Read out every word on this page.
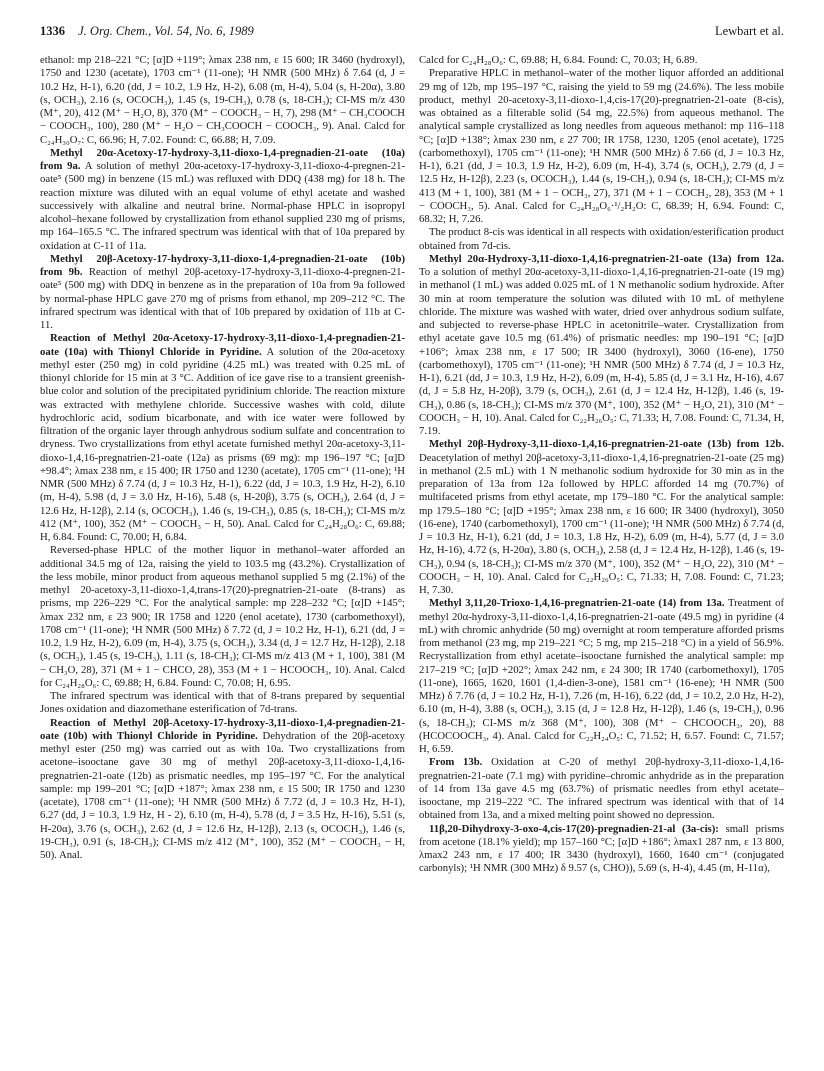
1336 J. Org. Chem., Vol. 54, No. 6, 1989	Lewbart et al.

ethanol: mp 218–221 °C; [α]D +119°; λmax 238 nm, ε 15 600; IR 3460 (hydroxyl), 1750 and 1230 (acetate), 1703 cm⁻¹ (11-one); ¹H NMR (500 MHz) δ 7.64 (d, J = 10.2 Hz, H-1), 6.20 (dd, J = 10.2, 1.9 Hz, H-2), 6.08 (m, H-4), 5.04 (s, H-20α), 3.80 (s, OCH₃), 2.16 (s, OCOCH₃), 1.45 (s, 19-CH₃), 0.78 (s, 18-CH₃); CI-MS m/z 430 (M⁺, 20), 412 (M⁺ − H₂O, 8), 370 (M⁺ − COOCH₃ − H, 7), 298 (M⁺ − CH₃COOCH − COOCH₃, 100), 280 (M⁺ − H₂O − CH₃COOCH − COOCH₃, 9). Anal. Calcd for C₂₄H₃₀O₇: C, 66.96; H, 7.02. Found: C, 66.88; H, 7.09.

Methyl 20α-Acetoxy-17-hydroxy-3,11-dioxo-1,4-pregnadien-21-oate (10a) from 9a. A solution of methyl 20α-acetoxy-17-hydroxy-3,11-dioxo-4-pregnen-21-oate⁵ (500 mg) in benzene (15 mL) was refluxed with DDQ (438 mg) for 18 h. The reaction mixture was diluted with an equal volume of ethyl acetate and washed successively with alkaline and neutral brine. Normal-phase HPLC in isopropyl alcohol–hexane followed by crystallization from ethanol supplied 230 mg of prisms, mp 164–165.5 °C. The infrared spectrum was identical with that of 10a prepared by oxidation at C-11 of 11a.

Methyl 20β-Acetoxy-17-hydroxy-3,11-dioxo-1,4-pregnadien-21-oate (10b) from 9b. Reaction of methyl 20β-acetoxy-17-hydroxy-3,11-dioxo-4-pregnen-21-oate⁵ (500 mg) with DDQ in benzene as in the preparation of 10a from 9a followed by normal-phase HPLC gave 270 mg of prisms from ethanol, mp 209–212 °C. The infrared spectrum was identical with that of 10b prepared by oxidation of 11b at C-11.

Reaction of Methyl 20α-Acetoxy-17-hydroxy-3,11-dioxo-1,4-pregnadien-21-oate (10a) with Thionyl Chloride in Pyridine. A solution of the 20α-acetoxy methyl ester (250 mg) in cold pyridine (4.25 mL) was treated with 0.25 mL of thionyl chloride for 15 min at 3 °C. Addition of ice gave rise to a transient greenish-blue color and solution of the precipitated pyridinium chloride. The reaction mixture was extracted with methylene chloride. Successive washes with cold, dilute hydrochloric acid, sodium bicarbonate, and with ice water were followed by filtration of the organic layer through anhydrous sodium sulfate and concentration to dryness. Two crystallizations from ethyl acetate furnished methyl 20α-acetoxy-3,11-dioxo-1,4,16-pregnatrien-21-oate (12a) as prisms (69 mg): mp 196–197 °C; [α]D +98.4°; λmax 238 nm, ε 15 400; IR 1750 and 1230 (acetate), 1705 cm⁻¹ (11-one); ¹H NMR (500 MHz) δ 7.74 (d, J = 10.3 Hz, H-1), 6.22 (dd, J = 10.3, 1.9 Hz, H-2), 6.10 (m, H-4), 5.98 (d, J = 3.0 Hz, H-16), 5.48 (s, H-20β), 3.75 (s, OCH₃), 2.64 (d, J = 12.6 Hz, H-12β), 2.14 (s, OCOCH₃), 1.46 (s, 19-CH₃), 0.85 (s, 18-CH₃); CI-MS m/z 412 (M⁺, 100), 352 (M⁺ − COOCH₃ − H, 50). Anal. Calcd for C₂₄H₂₈O₆: C, 69.88; H, 6.84. Found: C, 70.00; H, 6.84.

Reversed-phase HPLC of the mother liquor in methanol–water afforded an additional 34.5 mg of 12a, raising the yield to 103.5 mg (43.2%). Crystallization of the less mobile, minor product from aqueous methanol supplied 5 mg (2.1%) of the methyl 20-acetoxy-3,11-dioxo-1,4,trans-17(20)-pregnatrien-21-oate (8-trans) as prisms, mp 226–229 °C. For the analytical sample: mp 228–232 °C; [α]D +145°; λmax 232 nm, ε 23 900; IR 1758 and 1220 (enol acetate), 1730 (carbomethoxyl), 1708 cm⁻¹ (11-one); ¹H NMR (500 MHz) δ 7.72 (d, J = 10.2 Hz, H-1), 6.21 (dd, J = 10.2, 1.9 Hz, H-2), 6.09 (m, H-4), 3.75 (s, OCH₃), 3.34 (d, J = 12.7 Hz, H-12β), 2.18 (s, OCH₃), 1.45 (s, 19-CH₃), 1.11 (s, 18-CH₃); CI-MS m/z 413 (M + 1, 100), 381 (M − CH₃O, 28), 371 (M + 1 − CHCO, 28), 353 (M + 1 − HCOOCH₃, 10). Anal. Calcd for C₂₄H₂₈O₆: C, 69.88; H, 6.84. Found: C, 70.08; H, 6.95.

The infrared spectrum was identical with that of 8-trans prepared by sequential Jones oxidation and diazomethane esterification of 7d-trans.

Reaction of Methyl 20β-Acetoxy-17-hydroxy-3,11-dioxo-1,4-pregnadien-21-oate (10b) with Thionyl Chloride in Pyridine. Dehydration of the 20β-acetoxy methyl ester (250 mg) was carried out as with 10a. Two crystallizations from acetone–isooctane gave 30 mg of methyl 20β-acetoxy-3,11-dioxo-1,4,16-pregnatrien-21-oate (12b) as prismatic needles, mp 195–197 °C. For the analytical sample: mp 199–201 °C; [α]D +187°; λmax 238 nm, ε 15 500; IR 1750 and 1230 (acetate), 1708 cm⁻¹ (11-one); ¹H NMR (500 MHz) δ 7.72 (d, J = 10.3 Hz, H-1), 6.27 (dd, J = 10.3, 1.9 Hz, H - 2), 6.10 (m, H-4), 5.78 (d, J = 3.5 Hz, H-16), 5.51 (s, H-20α), 3.76 (s, OCH₃), 2.62 (d, J = 12.6 Hz, H-12β), 2.13 (s, OCOCH₃), 1.46 (s, 19-CH₃), 0.91 (s, 18-CH₃); CI-MS m/z 412 (M⁺, 100), 352 (M⁺ − COOCH₃ − H, 50). Anal.

Calcd for C₂₄H₂₈O₆: C, 69.88; H, 6.84. Found: C, 70.03; H, 6.89.

Preparative HPLC in methanol–water of the mother liquor afforded an additional 29 mg of 12b, mp 195–197 °C, raising the yield to 59 mg (24.6%). The less mobile product, methyl 20-acetoxy-3,11-dioxo-1,4,cis-17(20)-pregnatrien-21-oate (8-cis), was obtained as a filterable solid (54 mg, 22.5%) from aqueous methanol. The analytical sample crystallized as long needles from aqueous methanol: mp 116–118 °C; [α]D +138°; λmax 230 nm, ε 27 700; IR 1758, 1230, 1205 (enol acetate), 1725 (carbomethoxyl), 1705 cm⁻¹ (11-one); ¹H NMR (500 MHz) δ 7.66 (d, J = 10.3 Hz, H-1), 6.21 (dd, J = 10.3, 1.9 Hz, H-2), 6.09 (m, H-4), 3.74 (s, OCH₃), 2.79 (d, J = 12.5 Hz, H-12β), 2.23 (s, OCOCH₃), 1.44 (s, 19-CH₃), 0.94 (s, 18-CH₃); CI-MS m/z 413 (M + 1, 100), 381 (M + 1 − OCH₃, 27), 371 (M + 1 − COCH₂, 28), 353 (M + 1 − COOCH₃, 5). Anal. Calcd for C₂₄H₂₈O₆·¹/₂H₂O: C, 68.39; H, 6.94. Found: C, 68.32; H, 7.26.

The product 8-cis was identical in all respects with oxidation/esterification product obtained from 7d-cis.

Methyl 20α-Hydroxy-3,11-dioxo-1,4,16-pregnatrien-21-oate (13a) from 12a. To a solution of methyl 20α-acetoxy-3,11-dioxo-1,4,16-pregnatrien-21-oate (19 mg) in methanol (1 mL) was added 0.025 mL of 1 N methanolic sodium hydroxide. After 30 min at room temperature the solution was diluted with 10 mL of methylene chloride. The mixture was washed with water, dried over anhydrous sodium sulfate, and subjected to reverse-phase HPLC in acetonitrile–water. Crystallization from ethyl acetate gave 10.5 mg (61.4%) of prismatic needles: mp 190–191 °C; [α]D +106°; λmax 238 nm, ε 17 500; IR 3400 (hydroxyl), 3060 (16-ene), 1750 (carbomethoxyl), 1705 cm⁻¹ (11-one); ¹H NMR (500 MHz) δ 7.74 (d, J = 10.3 Hz, H-1), 6.21 (dd, J = 10.3, 1.9 Hz, H-2), 6.09 (m, H-4), 5.85 (d, J = 3.1 Hz, H-16), 4.67 (d, J = 5.8 Hz, H-20β), 3.79 (s, OCH₃), 2.61 (d, J = 12.4 Hz, H-12β), 1.46 (s, 19-CH₃), 0.86 (s, 18-CH₃); CI-MS m/z 370 (M⁺, 100), 352 (M⁺ − H₂O, 21), 310 (M⁺ − COOCH₃ − H, 10). Anal. Calcd for C₂₂H₂₆O₅: C, 71.33; H, 7.08. Found: C, 71.34, H, 7.19.

Methyl 20β-Hydroxy-3,11-dioxo-1,4,16-pregnatrien-21-oate (13b) from 12b. Deacetylation of methyl 20β-acetoxy-3,11-dioxo-1,4,16-pregnatrien-21-oate (25 mg) in methanol (2.5 mL) with 1 N methanolic sodium hydroxide for 30 min as in the preparation of 13a from 12a followed by HPLC afforded 14 mg (70.7%) of multifaceted prisms from ethyl acetate, mp 179–180 °C. For the analytical sample: mp 179.5–180 °C; [α]D +195°; λmax 238 nm, ε 16 600; IR 3400 (hydroxyl), 3050 (16-ene), 1740 (carbomethoxyl), 1700 cm⁻¹ (11-one); ¹H NMR (500 MHz) δ 7.74 (d, J = 10.3 Hz, H-1), 6.21 (dd, J = 10.3, 1.8 Hz, H-2), 6.09 (m, H-4), 5.77 (d, J = 3.0 Hz, H-16), 4.72 (s, H-20α), 3.80 (s, OCH₃), 2.58 (d, J = 12.4 Hz, H-12β), 1.46 (s, 19-CH₃), 0.94 (s, 18-CH₃); CI-MS m/z 370 (M⁺, 100), 352 (M⁺ − H₂O, 22), 310 (M⁺ − COOCH₃ − H, 10). Anal. Calcd for C₂₂H₂₆O₅: C, 71.33; H, 7.08. Found: C, 71.23; H, 7.30.

Methyl 3,11,20-Trioxo-1,4,16-pregnatrien-21-oate (14) from 13a. Treatment of methyl 20α-hydroxy-3,11-dioxo-1,4,16-pregnatrien-21-oate (49.5 mg) in pyridine (4 mL) with chromic anhydride (50 mg) overnight at room temperature afforded prisms from methanol (23 mg, mp 219–221 °C; 5 mg, mp 215–218 °C) in a yield of 56.9%. Recrystallization from ethyl acetate–isooctane furnished the analytical sample: mp 217–219 °C; [α]D +202°; λmax 242 nm, ε 24 300; IR 1740 (carbomethoxyl), 1705 (11-one), 1665, 1620, 1601 (1,4-dien-3-one), 1581 cm⁻¹ (16-ene); ¹H NMR (500 MHz) δ 7.76 (d, J = 10.2 Hz, H-1), 7.26 (m, H-16), 6.22 (dd, J = 10.2, 2.0 Hz, H-2), 6.10 (m, H-4), 3.88 (s, OCH₃), 3.15 (d, J = 12.8 Hz, H-12β), 1.46 (s, 19-CH₃), 0.96 (s, 18-CH₃); CI-MS m/z 368 (M⁺, 100), 308 (M⁺ − CHCOOCH₃, 20), 88 (HCOCOOCH₃, 4). Anal. Calcd for C₂₂H₂₄O₅: C, 71.52; H, 6.57. Found: C, 71.57; H, 6.59.

From 13b. Oxidation at C-20 of methyl 20β-hydroxy-3,11-dioxo-1,4,16-pregnatrien-21-oate (7.1 mg) with pyridine–chromic anhydride as in the preparation of 14 from 13a gave 4.5 mg (63.7%) of prismatic needles from ethyl acetate–isooctane, mp 219–222 °C. The infrared spectrum was identical with that of 14 obtained from 13a, and a mixed melting point showed no depression.

11β,20-Dihydroxy-3-oxo-4,cis-17(20)-pregnadien-21-al (3a-cis): small prisms from acetone (18.1% yield); mp 157–160 °C; [α]D +186°; λmax1 287 nm, ε 13 800, λmax2 243 nm, ε 17 400; IR 3430 (hydroxyl), 1660, 1640 cm⁻¹ (conjugated carbonyls); ¹H NMR (300 MHz) δ 9.57 (s, CHO)), 5.69 (s, H-4), 4.45 (m, H-11α),
